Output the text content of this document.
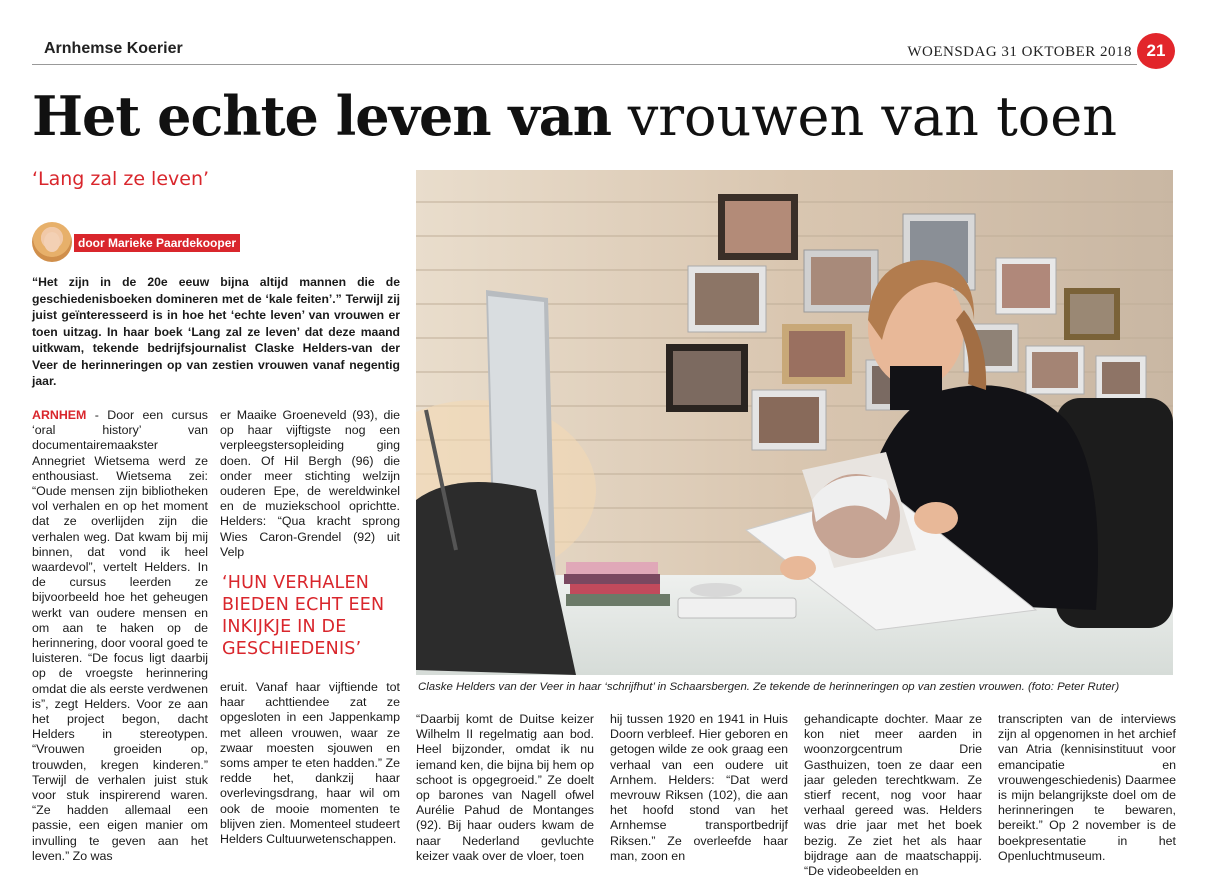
Arnhemse Koerier	WOENSDAG 31 OKTOBER 2018 21
Het echte leven van vrouwen van toen
‘Lang zal ze leven’
door Marieke Paardekooper
“Het zijn in de 20e eeuw bijna altijd mannen die de geschiedenisboeken domineren met de ‘kale feiten’.” Terwijl zij juist geïnteresseerd is in hoe het ‘echte leven’ van vrouwen er toen uitzag. In haar boek ‘Lang zal ze leven’ dat deze maand uitkwam, tekende bedrijfsjournalist Claske Helders-van der Veer de herinneringen op van zestien vrouwen vanaf negentig jaar.
ARNHEM - Door een cursus ‘oral history’ van documentairemaakster Annegriet Wietsema werd ze enthousiast. Wietsema zei: “Oude mensen zijn bibliotheken vol verhalen en op het moment dat ze overlijden zijn die verhalen weg. Dat kwam bij mij binnen, dat vond ik heel waardevol”, vertelt Helders. In de cursus leerden ze bijvoorbeeld hoe het geheugen werkt van oudere mensen en om aan te haken op de herinnering, door vooral goed te luisteren. “De focus ligt daarbij op de vroegste herinnering omdat die als eerste verdwenen is”, zegt Helders. Voor ze aan het project begon, dacht Helders in stereotypen. “Vrouwen groeiden op, trouwden, kregen kinderen.” Terwijl de verhalen juist stuk voor stuk inspirerend waren. “Ze hadden allemaal een passie, een eigen manier om invulling te geven aan het leven.” Zo was
er Maaike Groeneveld (93), die op haar vijftigste nog een verpleegstersopleiding ging doen. Of Hil Bergh (96) die onder meer stichting welzijn ouderen Epe, de wereldwinkel en de muziekschool oprichtte. Helders: “Qua kracht sprong Wies Caron-Grendel (92) uit Velp
‘HUN VERHALEN BIEDEN ECHT EEN INKIJKJE IN DE GESCHIEDENIS’
eruit. Vanaf haar vijftiende tot haar achttiendee zat ze opgesloten in een Jappenkamp met alleen vrouwen, waar ze zwaar moesten sjouwen en soms amper te eten hadden.” Ze redde het, dankzij haar overlevingsdrang, haar wil om ook de mooie momenten te blijven zien. Momenteel studeert Helders Cultuurwetenschappen.
“Daarbij komt de Duitse keizer Wilhelm II regelmatig aan bod. Heel bijzonder, omdat ik nu iemand ken, die bijna bij hem op schoot is opgegroeid.” Ze doelt op barones van Nagell ofwel Aurélie Pahud de Montanges (92). Bij haar ouders kwam de naar Nederland gevluchte keizer vaak over de vloer, toen
hij tussen 1920 en 1941 in Huis Doorn verbleef. Hier geboren en getogen wilde ze ook graag een verhaal van een oudere uit Arnhem. Helders: “Dat werd mevrouw Riksen (102), die aan het hoofd stond van het Arnhemse transportbedrijf Riksen.” Ze overleefde haar man, zoon en
gehandicapte dochter. Maar ze kon niet meer aarden in woonzorgcentrum Drie Gasthuizen, toen ze daar een jaar geleden terechtkwam. Ze stierf recent, nog voor haar verhaal gereed was. Helders was drie jaar met het boek bezig. Ze ziet het als haar bijdrage aan de maatschappij. “De videobeelden en
transcripten van de interviews zijn al opgenomen in het archief van Atria (kennisinstituut voor emancipatie en vrouwengeschiedenis) Daarmee is mijn belangrijkste doel om de herinneringen te bewaren, bereikt.” Op 2 november is de boekpresentatie in het Openluchtmuseum.
Claske Helders van der Veer in haar ‘schrijfhut’ in Schaarsbergen. Ze tekende de herinneringen op van zestien vrouwen. (foto: Peter Ruter)
